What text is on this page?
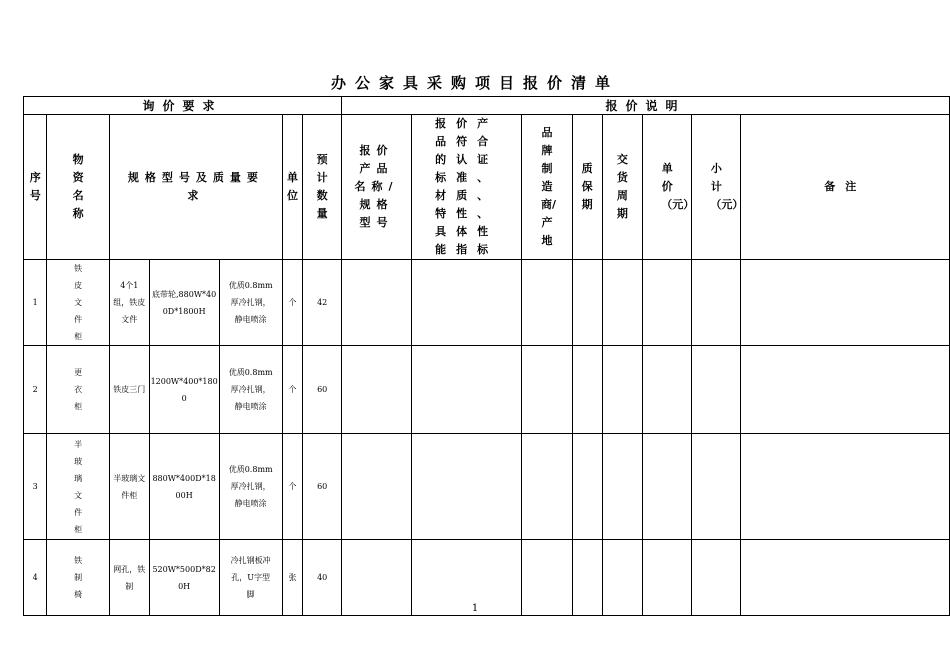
办公家具采购项目报价清单
询价要求							报价说明							
序号	物资名称	规格型号及质量要求			单位	预计数量	报价产品名称/规格型号	报价产品符合的认证标准、材质、特性、具体性能指标	品牌制造商/产地	质保期	交货周期	单价（元）	小计（元）	备注
1	铁皮文件柜	4个1组，铁皮文件	底带轮,880W*400D*1800H	优质0.8mm厚冷扎钢，静电喷涂	个	42								
2	更衣柜	铁皮三门	1200W*400*1800	优质0.8mm厚冷扎钢，静电喷涂	个	60								
3	半玻璃文件柜	半玻璃文件柜	880W*400D*1800H	优质0.8mm厚冷扎钢，静电喷涂	个	60								
4	铁制椅	网孔，铁制	520W*500D*820H	冷扎钢板冲孔，U字型脚	张	40								
1
